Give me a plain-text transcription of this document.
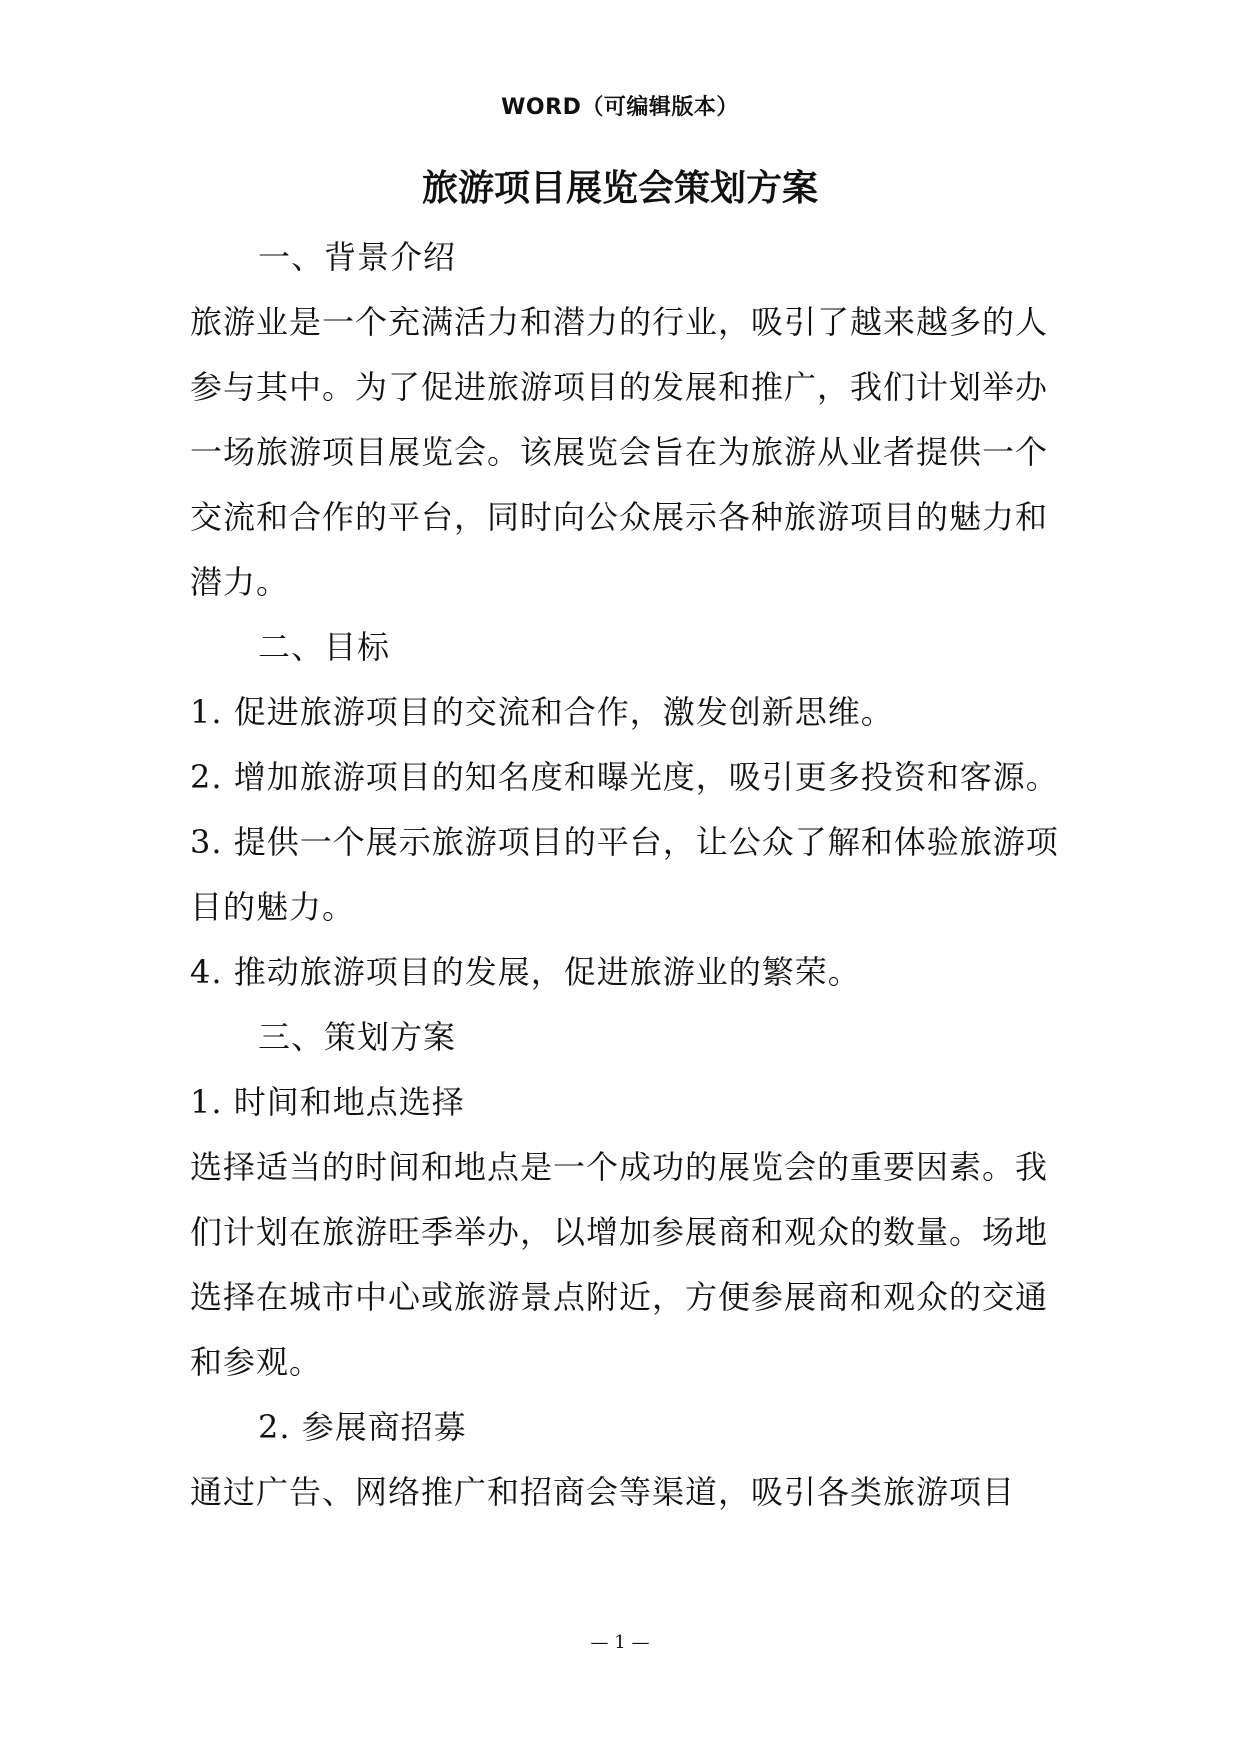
WORD（可编辑版本）
旅游项目展览会策划方案

一、背景介绍

旅游业是一个充满活力和潜力的行业，吸引了越来越多的人参与其中。为了促进旅游项目的发展和推广，我们计划举办一场旅游项目展览会。该展览会旨在为旅游从业者提供一个交流和合作的平台，同时向公众展示各种旅游项目的魅力和潜力。

二、目标

1. 促进旅游项目的交流和合作，激发创新思维。

2. 增加旅游项目的知名度和曝光度，吸引更多投资和客源。

3. 提供一个展示旅游项目的平台，让公众了解和体验旅游项目的魅力。

4. 推动旅游项目的发展，促进旅游业的繁荣。

三、策划方案

1. 时间和地点选择

选择适当的时间和地点是一个成功的展览会的重要因素。我们计划在旅游旺季举办，以增加参展商和观众的数量。场地选择在城市中心或旅游景点附近，方便参展商和观众的交通和参观。

2. 参展商招募

通过广告、网络推广和招商会等渠道，吸引各类旅游项目

— 1 —
